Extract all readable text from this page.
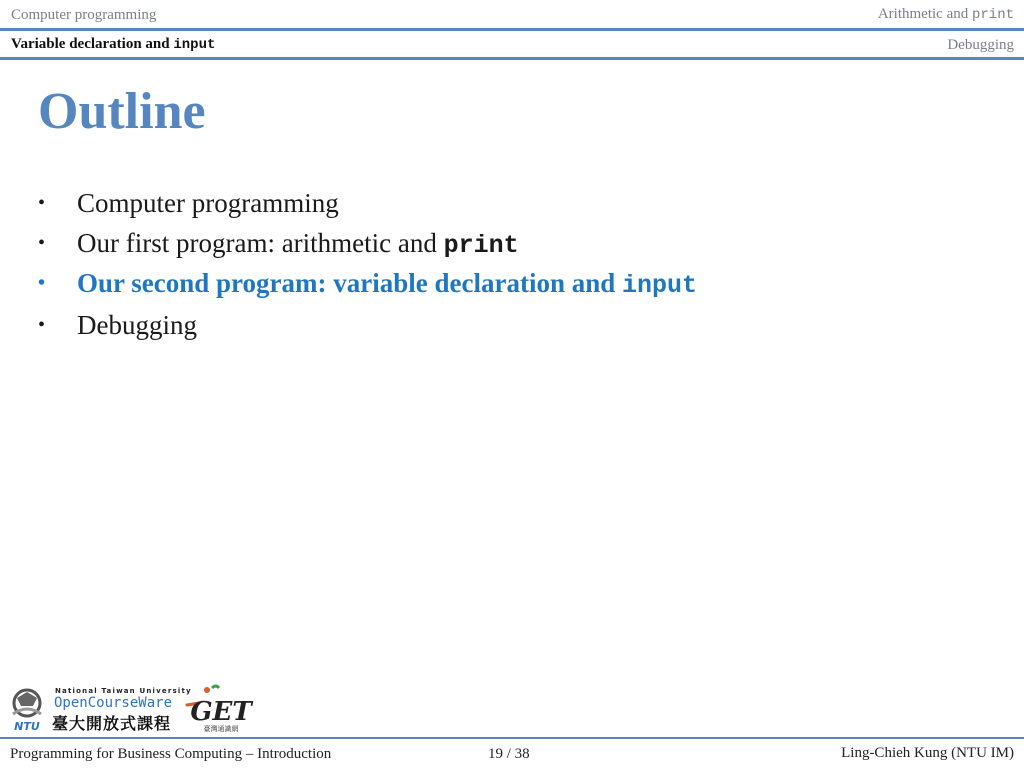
Computer programming	Arithmetic and print
Variable declaration and input	Debugging
Outline
• Computer programming
• Our first program: arithmetic and print
• Our second program: variable declaration and input
• Debugging
NTU
National Taiwan University
OpenCourseWare
臺大開放式課程 GET
臺灣通識網
Programming for Business Computing – Introduction	19 / 38	Ling-Chieh Kung (NTU IM)
